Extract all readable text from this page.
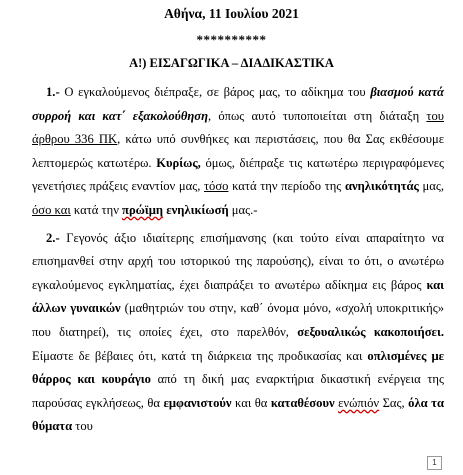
Αθήνα, 11 Ιουλίου 2021
**********
Α!) ΕΙΣΑΓΩΓΙΚΑ – ΔΙΑΔΙΚΑΣΤΙΚΑ

1.- Ο εγκαλούμενος διέπραξε, σε βάρος μας, το αδίκημα του βιασμού κατά συρροή και κατ΄ εξακολούθηση, όπως αυτό τυποποιείται στη διάταξη του άρθρου 336 ΠΚ, κάτω υπό συνθήκες και περιστάσεις, που θα Σας εκθέσουμε λεπτομερώς κατωτέρω. Κυρίως, όμως, διέπραξε τις κατωτέρω περιγραφόμενες γενετήσιες πράξεις εναντίον μας, τόσο κατά την περίοδο της ανηλικότητάς μας, όσο και κατά την πρώϊμη ενηλικίωσή μας.-

2.- Γεγονός άξιο ιδιαίτερης επισήμανσης (και τούτο είναι απαραίτητο να επισημανθεί στην αρχή του ιστορικού της παρούσης), είναι το ότι, ο ανωτέρω εγκαλούμενος εγκληματίας, έχει διαπράξει το ανωτέρω αδίκημα εις βάρος και άλλων γυναικών (μαθητριών του στην, καθ΄ όνομα μόνο, «σχολή υποκριτικής» που διατηρεί), τις οποίες έχει, στο παρελθόν, σεξουαλικώς κακοποιήσει. Είμαστε δε βέβαιες ότι, κατά τη διάρκεια της προδικασίας και οπλισμένες με θάρρος και κουράγιο από τη δική μας εναρκτήρια δικαστική ενέργεια της παρούσας εγκλήσεως, θα εμφανιστούν και θα καταθέσουν ενώπιόν Σας, όλα τα θύματα του

1
